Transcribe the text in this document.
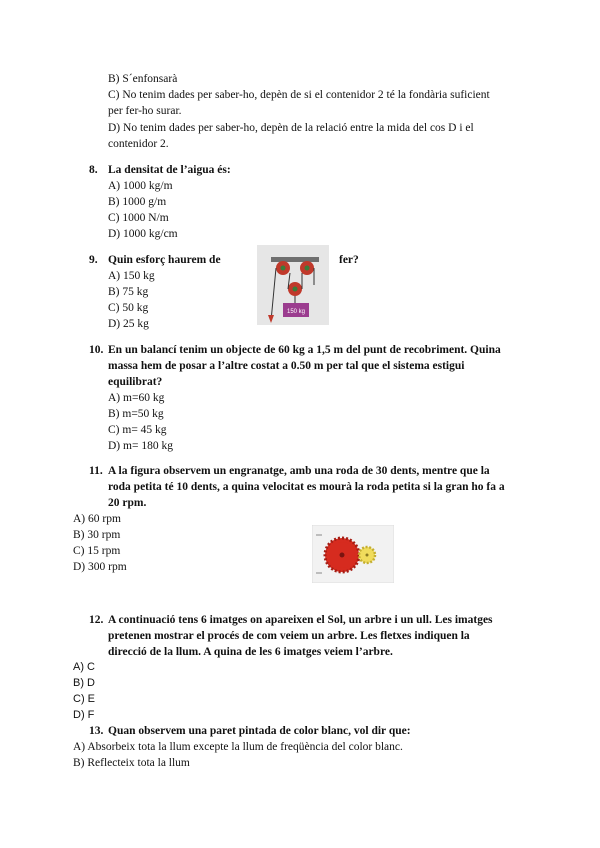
B) S´enfonsarà
C) No tenim dades per saber-ho, depèn de si el contenidor 2 té la fondària suficient
per fer-ho surar.
D) No tenim dades per saber-ho, depèn de la relació entre la mida del cos D i el
contenidor 2.
8. La densitat de l’aigua és:
A) 1000 kg/m
B) 1000 g/m
C) 1000 N/m
D) 1000 kg/cm
9. Quin esforç haurem de	fer?
A) 150 kg
B) 75 kg
C) 50 kg
D) 25 kg
150 kg
10. En un balancí tenim un objecte de 60 kg a 1,5 m del punt de recobriment. Quina
massa hem de posar a l’altre costat a 0.50 m per tal que el sistema estigui
equilibrat?
A) m=60 kg
B) m=50 kg
C) m= 45 kg
D) m= 180 kg
11. A la figura observem un engranatge, amb una roda de 30 dents, mentre que la
roda petita té 10 dents, a quina velocitat es mourà la roda petita si la gran ho fa a
20 rpm.
A) 60 rpm
B) 30 rpm
C) 15 rpm
D) 300 rpm
12. A continuació tens 6 imatges on apareixen el Sol, un arbre i un ull. Les imatges
pretenen mostrar el procés de com veiem un arbre. Les fletxes indiquen la
direcció de la llum. A quina de les 6 imatges veiem l’arbre.
A) C
B) D
C) E
D) F
13. Quan observem una paret pintada de color blanc, vol dir que:
A) Absorbeix tota la llum excepte la llum de freqüència del color blanc.
B) Reflecteix tota la llum
